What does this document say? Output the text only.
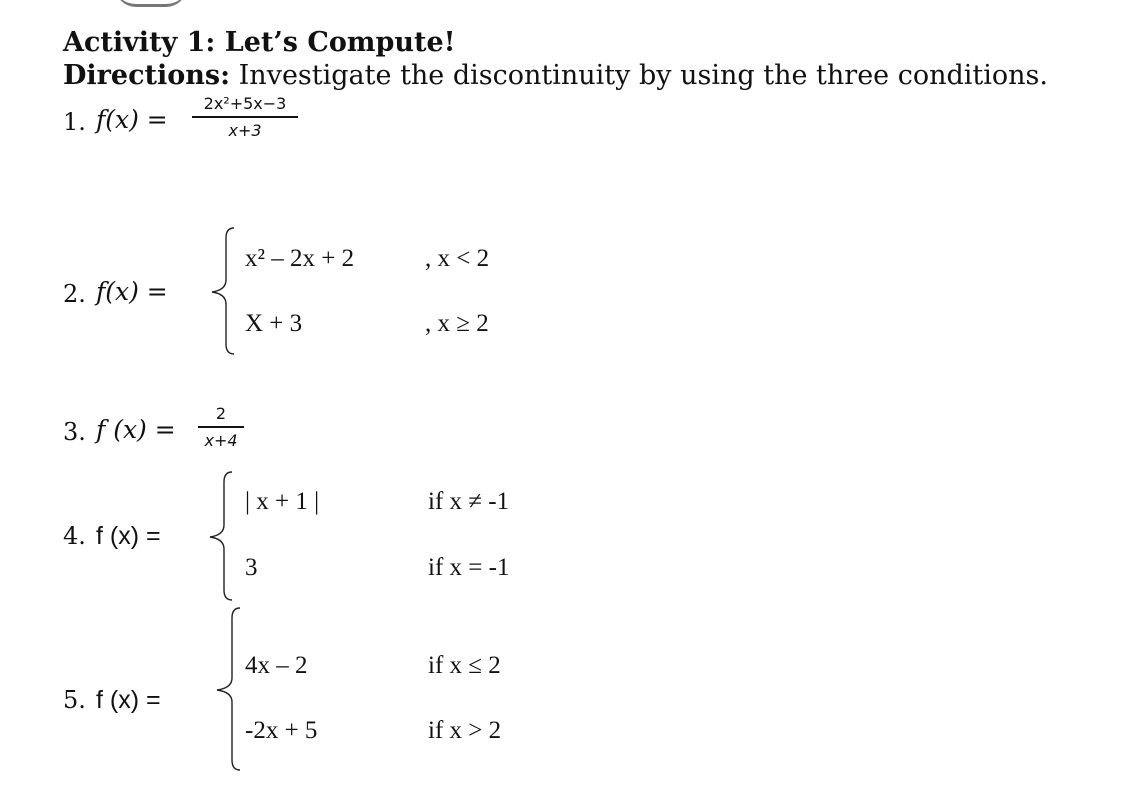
Activity 1: Let’s Compute!
Directions: Investigate the discontinuity by using the three conditions.
1. f(x) =
2x²+5x−3
x+3
2. f(x) =
x² – 2x + 2	, x < 2
X + 3	, x ≥ 2
3. f (x) =
2
x+4
4. f (x) =
| x + 1 |	if x ≠ -1
3	if x = -1
5. f (x) =
4x – 2	if x ≤ 2
-2x + 5	if x > 2
